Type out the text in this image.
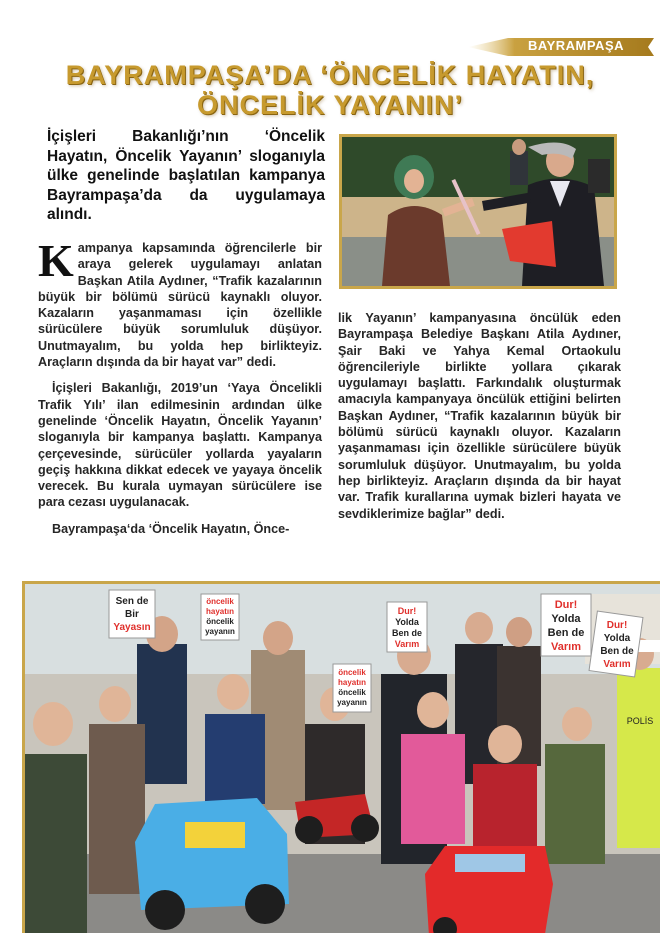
BAYRAMPAŞA
BAYRAMPAŞA’DA ‘ÖNCELİK HAYATIN,
ÖNCELİK YAYANIN’
İçişleri Bakanlığı’nın ‘Öncelik Hayatın, Öncelik Yayanın’ sloganıyla ülke genelinde başlatılan kampanya Bayrampaşa’da da uygulamaya alındı.

Kampanya kapsamında öğrencilerle bir araya gelerek uygulamayı anlatan Başkan Atila Aydıner, “Trafik kazalarının büyük bir bölümü sürücü kaynaklı oluyor. Kazaların yaşanmaması için özellikle sürücülere büyük sorumluluk düşüyor. Unutmayalım, bu yolda hep birlikteyiz. Araçların dışında da bir hayat var” dedi.

İçişleri Bakanlığı, 2019’un ‘Yaya Öncelikli Trafik Yılı’ ilan edilmesinin ardından ülke genelinde ‘Öncelik Hayatın, Öncelik Yayanın’ sloganıyla bir kampanya başlattı. Kampanya çerçevesinde, sürücüler yollarda yayaların geçiş hakkına dikkat edecek ve yayaya öncelik verecek. Bu kurala uymayan sürücülere ise para cezası uygulanacak.

Bayrampaşa‘da ‘Öncelik Hayatın, Önce-

lik Yayanın’ kampanyasına öncülük eden Bayrampaşa Belediye Başkanı Atila Aydıner, Şair Baki ve Yahya Kemal Ortaokulu öğrencileriyle birlikte yollara çıkarak uygulamayı başlattı. Farkındalık oluşturmak amacıyla kampanyaya öncülük ettiğini belirten Başkan Aydıner, “Trafik kazalarının büyük bir bölümü sürücü kaynaklı oluyor. Kazaların yaşanmaması için özellikle sürücülere büyük sorumluluk düşüyor. Unutmayalım, bu yolda hep birlikteyiz. Araçların dışında da bir hayat var. Trafik kurallarına uymak bizleri hayata ve sevdiklerimize bağlar” dedi.

Sen de
Bir
Yayasın
öncelik
hayatın
öncelik
yayanın
Dur!
Yolda
Ben de
Varım
öncelik
hayatın
öncelik
yayanın
Dur!
Yolda
Ben de
Varım
Dur!
Yolda
Ben de
Varım
POLİS
